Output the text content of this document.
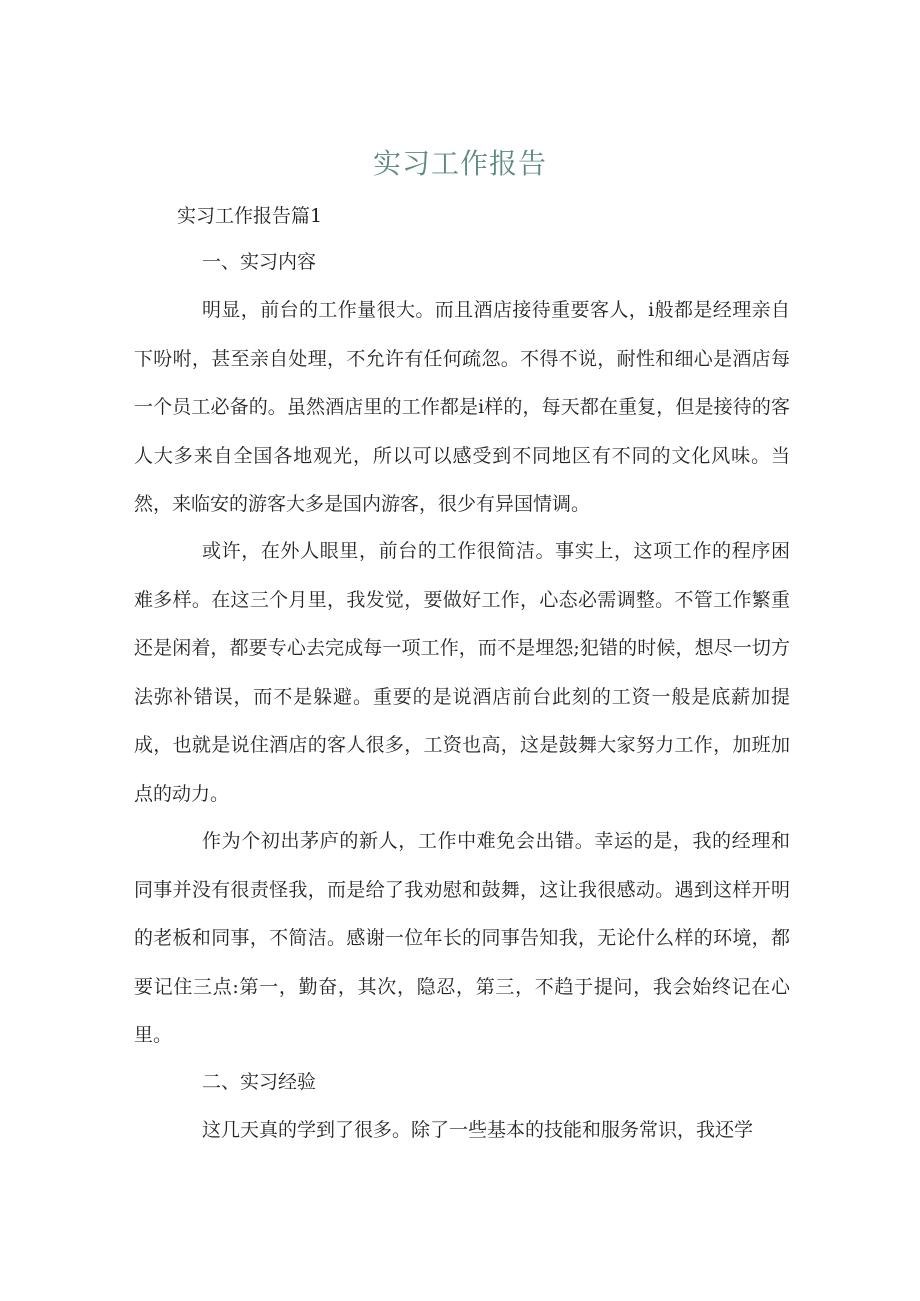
实习工作报告
实习工作报告篇1
一、实习内容
明显，前台的工作量很大。而且酒店接待重要客人，i般都是经理亲自下吩咐，甚至亲自处理，不允许有任何疏忽。不得不说，耐性和细心是酒店每一个员工必备的。虽然酒店里的工作都是i样的，每天都在重复，但是接待的客人大多来自全国各地观光，所以可以感受到不同地区有不同的文化风味。当然，来临安的游客大多是国内游客，很少有异国情调。
或许，在外人眼里，前台的工作很简洁。事实上，这项工作的程序困难多样。在这三个月里，我发觉，要做好工作，心态必需调整。不管工作繁重还是闲着，都要专心去完成每一项工作，而不是埋怨;犯错的时候，想尽一切方法弥补错误，而不是躲避。重要的是说酒店前台此刻的工资一般是底薪加提成，也就是说住酒店的客人很多，工资也高，这是鼓舞大家努力工作，加班加点的动力。
作为个初出茅庐的新人，工作中难免会出错。幸运的是，我的经理和同事并没有很责怪我，而是给了我劝慰和鼓舞，这让我很感动。遇到这样开明的老板和同事，不简洁。感谢一位年长的同事告知我，无论什么样的环境，都要记住三点:第一，勤奋，其次，隐忍，第三，不趋于提问，我会始终记在心里。
二、实习经验
这几天真的学到了很多。除了一些基本的技能和服务常识，我还学
